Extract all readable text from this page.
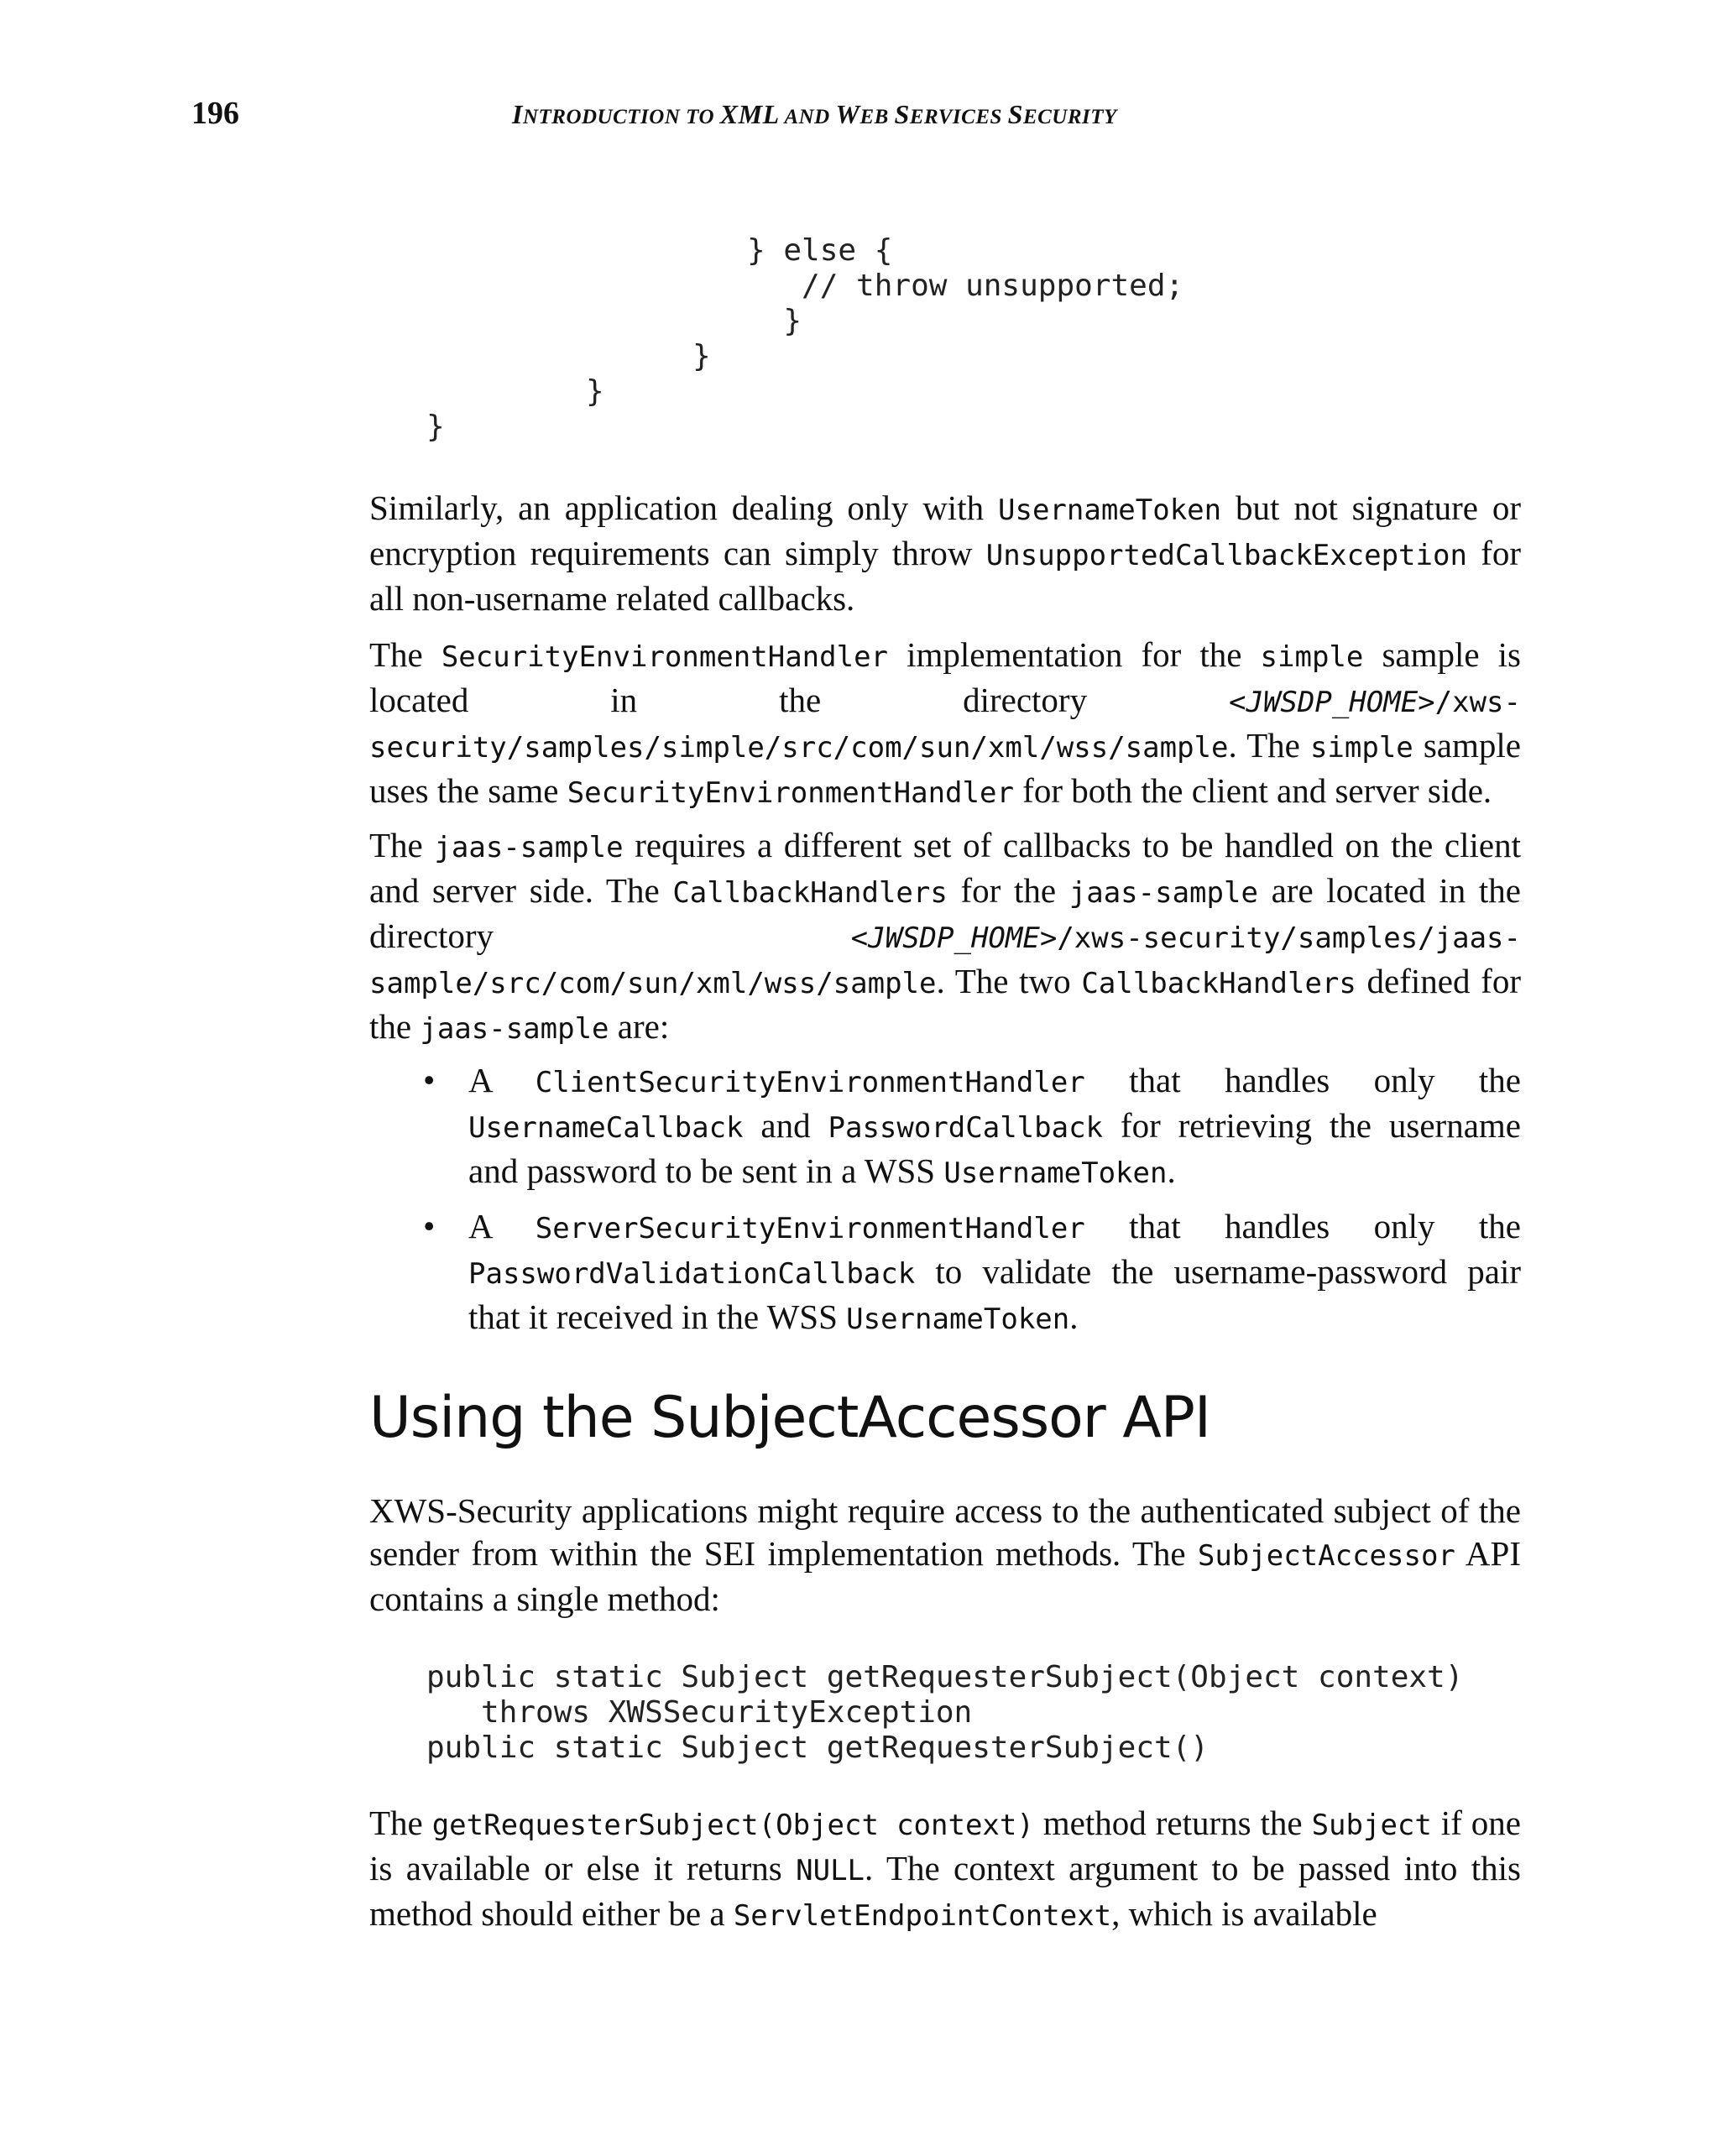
196	INTRODUCTION TO XML AND WEB SERVICES SECURITY
} else {
// throw unsupported;
}
}
}
}

Similarly, an application dealing only with UsernameToken but not signature or encryption requirements can simply throw UnsupportedCallbackException for all non-username related callbacks.

The SecurityEnvironmentHandler implementation for the simple sample is located in the directory <JWSDP_HOME>/xws-security/samples/simple/src/com/sun/xml/wss/sample. The simple sample uses the same SecurityEnvironmentHandler for both the client and server side.

The jaas-sample requires a different set of callbacks to be handled on the client and server side. The CallbackHandlers for the jaas-sample are located in the directory <JWSDP_HOME>/xws-security/samples/jaas-sample/src/com/sun/xml/wss/sample. The two CallbackHandlers defined for the jaas-sample are:

• A ClientSecurityEnvironmentHandler that handles only the UsernameCallback and PasswordCallback for retrieving the username and password to be sent in a WSS UsernameToken.
• A ServerSecurityEnvironmentHandler that handles only the PasswordValidationCallback to validate the username-password pair that it received in the WSS UsernameToken.
Using the SubjectAccessor API

XWS-Security applications might require access to the authenticated subject of the sender from within the SEI implementation methods. The SubjectAccessor API contains a single method:

public static Subject getRequesterSubject(Object context)
throws XWSSecurityException
public static Subject getRequesterSubject()

The getRequesterSubject(Object context) method returns the Subject if one is available or else it returns NULL. The context argument to be passed into this method should either be a ServletEndpointContext, which is available
